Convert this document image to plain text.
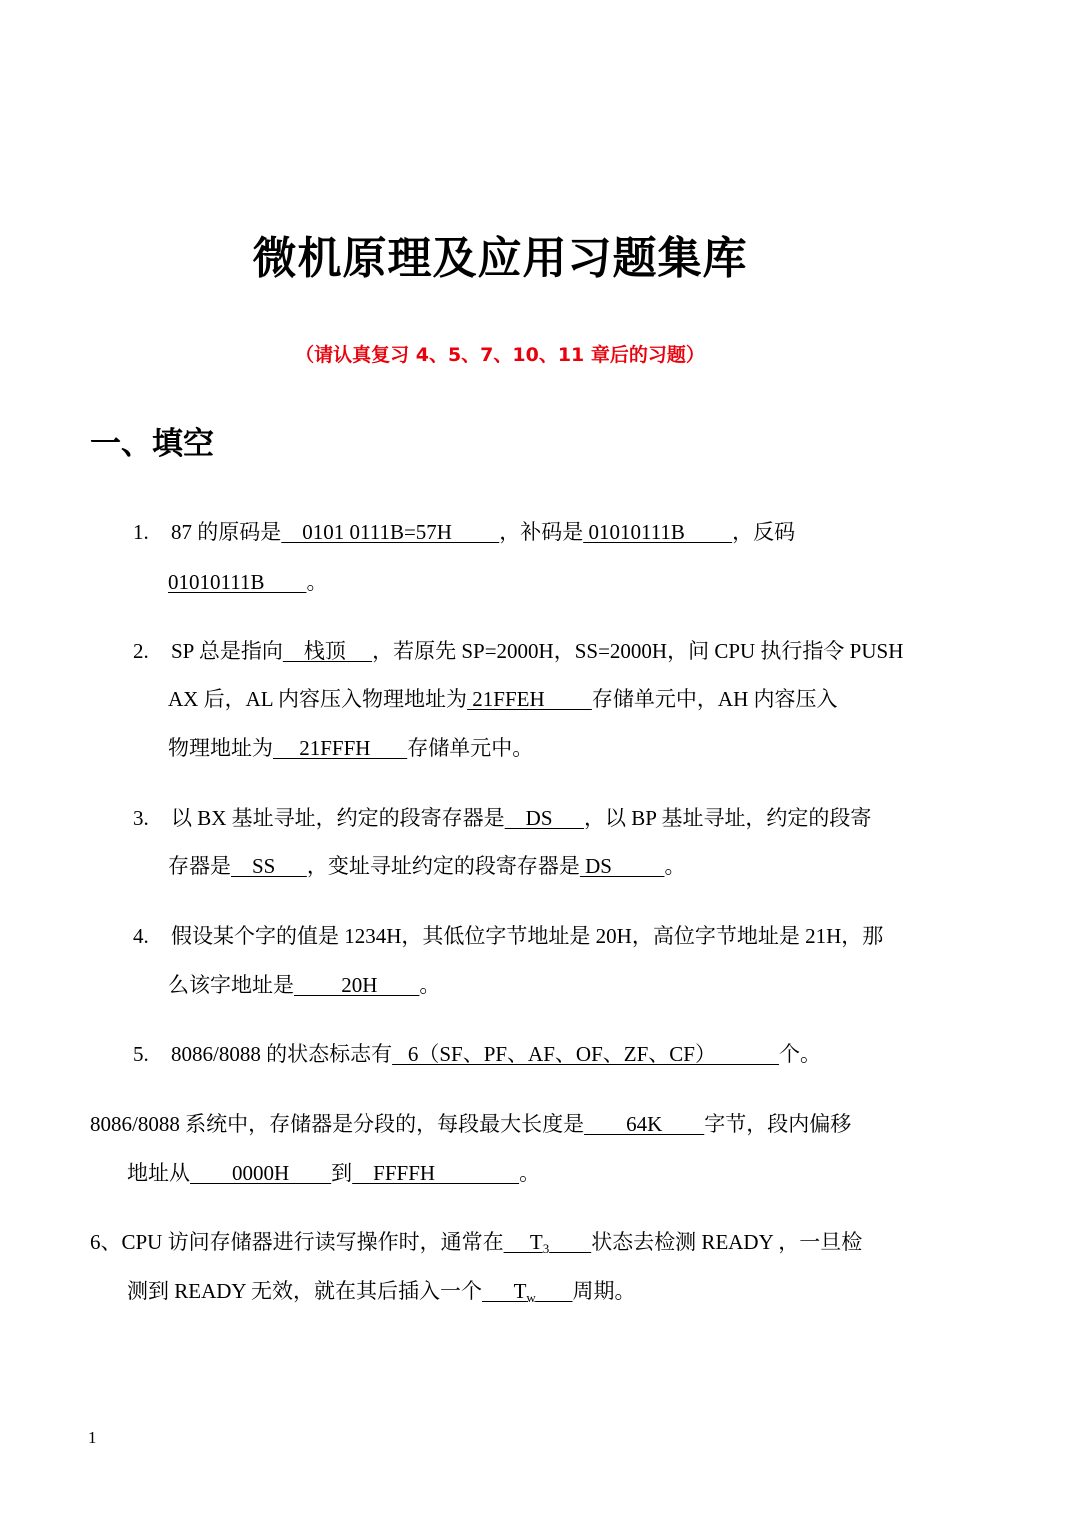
微机原理及应用习题集库
（请认真复习 4、5、7、10、11 章后的习题）
一、填空
1. 87 的原码是    0101 0111B=57H         ，补码是 01010111B         ，反码
01010111B        。
2. SP 总是指向    栈顶     ，若原先 SP=2000H，SS=2000H，问 CPU 执行指令 PUSH
AX 后，AL 内容压入物理地址为 21FFEH         存储单元中，AH 内容压入
物理地址为     21FFFH       存储单元中。
3. 以 BX 基址寻址，约定的段寄存器是    DS      ，以 BP 基址寻址，约定的段寄
存器是    SS      ，变址寻址约定的段寄存器是 DS          。
4. 假设某个字的值是 1234H，其低位字节地址是 20H，高位字节地址是 21H，那
么该字地址是         20H        。
5. 8086/8088 的状态标志有   6（SF、PF、AF、OF、ZF、CF）            个。
8086/8088 系统中，存储器是分段的，每段最大长度是        64K        字节，段内偏移
地址从        0000H        到    FFFFH                。
6、CPU 访问存储器进行读写操作时，通常在     $T_3$ 状态去检测 READY ，一旦检
测到 READY 无效，就在其后插入一个      $T_w$ 周期。
1
